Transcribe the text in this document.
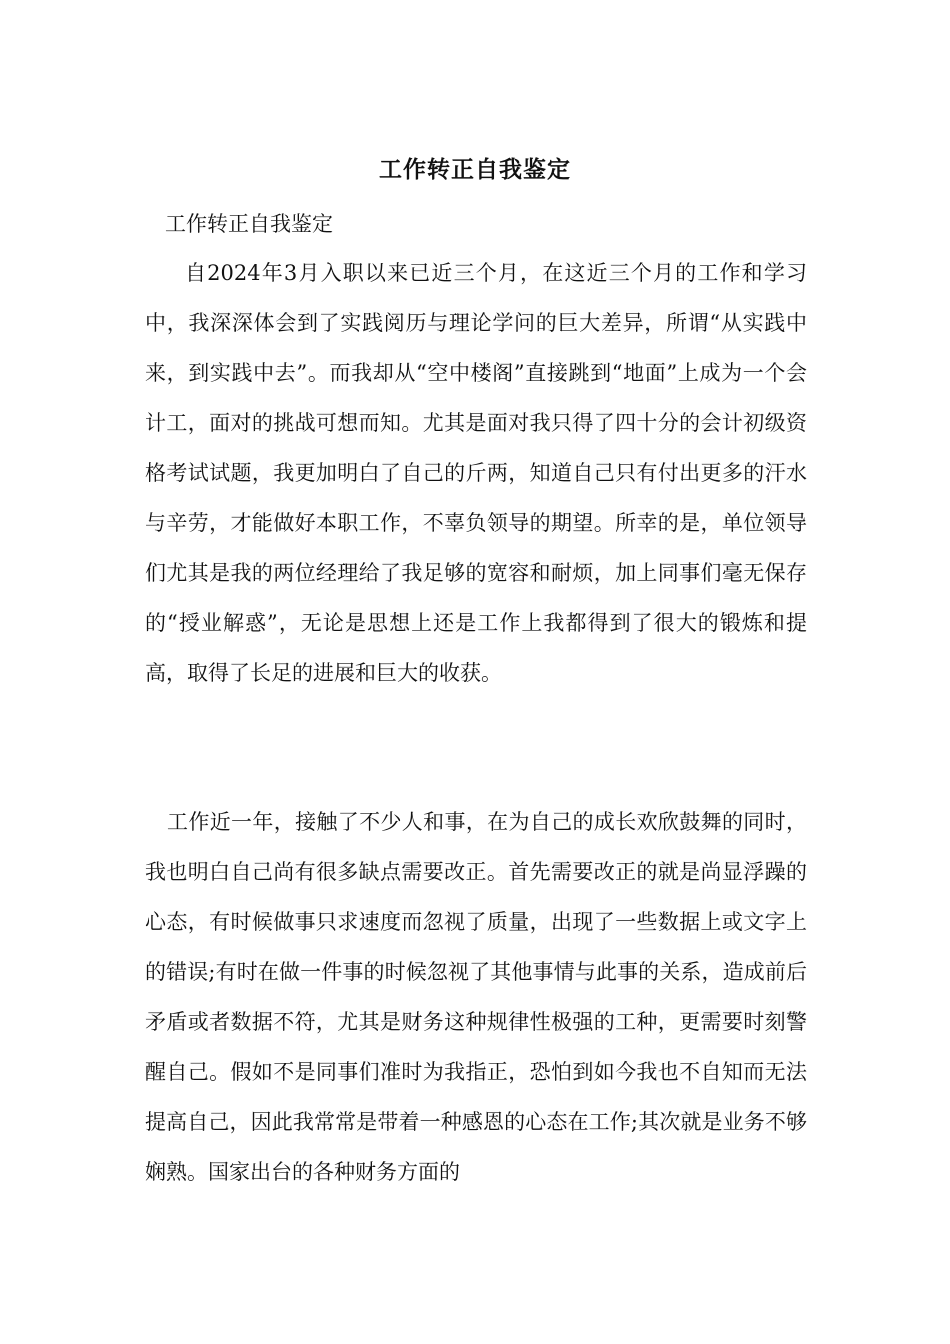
工作转正自我鉴定
工作转正自我鉴定

自2024年3月入职以来已近三个月，在这近三个月的工作和学习中，我深深体会到了实践阅历与理论学问的巨大差异，所谓“从实践中来，到实践中去”。而我却从“空中楼阁”直接跳到“地面”上成为一个会计工，面对的挑战可想而知。尤其是面对我只得了四十分的会计初级资格考试试题，我更加明白了自己的斤两，知道自己只有付出更多的汗水与辛劳，才能做好本职工作，不辜负领导的期望。所幸的是，单位领导们尤其是我的两位经理给了我足够的宽容和耐烦，加上同事们毫无保存的“授业解惑”，无论是思想上还是工作上我都得到了很大的锻炼和提高，取得了长足的进展和巨大的收获。

工作近一年，接触了不少人和事，在为自己的成长欢欣鼓舞的同时，我也明白自己尚有很多缺点需要改正。首先需要改正的就是尚显浮躁的心态，有时候做事只求速度而忽视了质量，出现了一些数据上或文字上的错误;有时在做一件事的时候忽视了其他事情与此事的关系，造成前后矛盾或者数据不符，尤其是财务这种规律性极强的工种，更需要时刻警醒自己。假如不是同事们准时为我指正，恐怕到如今我也不自知而无法提高自己，因此我常常是带着一种感恩的心态在工作;其次就是业务不够娴熟。国家出台的各种财务方面的
